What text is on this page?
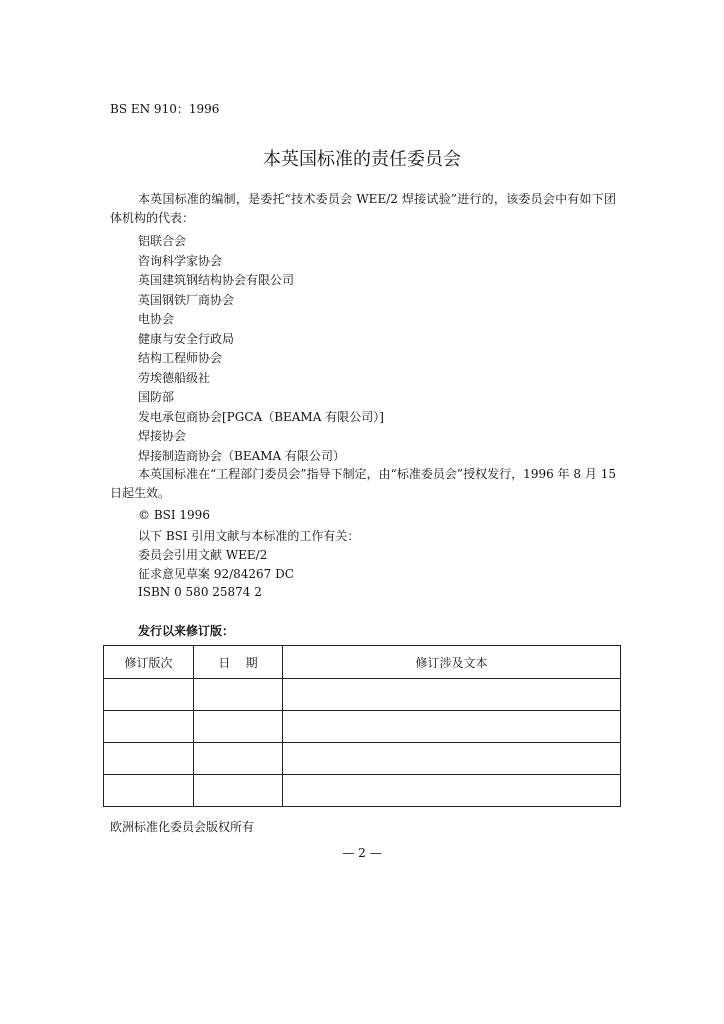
BS EN 910：1996
本英国标准的责任委员会
本英国标准的编制，是委托“技术委员会 WEE/2 焊接试验”进行的，该委员会中有如下团体机构的代表：
铝联合会
咨询科学家协会
英国建筑钢结构协会有限公司
英国钢铁厂商协会
电协会
健康与安全行政局
结构工程师协会
劳埃德船级社
国防部
发电承包商协会[PGCA（BEAMA 有限公司）]
焊接协会
焊接制造商协会（BEAMA 有限公司）
本英国标准在“工程部门委员会”指导下制定，由“标准委员会”授权发行，1996 年 8 月 15 日起生效。
© BSI 1996
以下 BSI 引用文献与本标准的工作有关：
委员会引用文献 WEE/2
征求意见草案 92/84267 DC
ISBN 0 580 25874 2
发行以来修订版：
修订版次	日    期	修订涉及文本

欧洲标准化委员会版权所有
— 2 —
